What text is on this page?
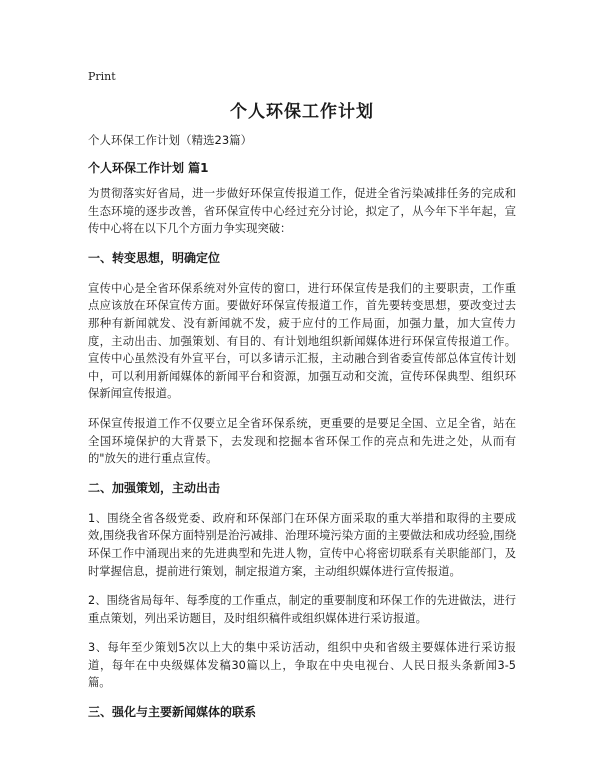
Print
个人环保工作计划

个人环保工作计划（精选23篇）

个人环保工作计划 篇1

为贯彻落实好省局，进一步做好环保宣传报道工作，促进全省污染减排任务的完成和生态环境的逐步改善，省环保宣传中心经过充分讨论，拟定了，从今年下半年起，宣传中心将在以下几个方面力争实现突破：

一、转变思想，明确定位

宣传中心是全省环保系统对外宣传的窗口，进行环保宣传是我们的主要职责，工作重点应该放在环保宣传方面。要做好环保宣传报道工作，首先要转变思想，要改变过去那种有新闻就发、没有新闻就不发，疲于应付的工作局面，加强力量，加大宣传力度，主动出击、加强策划、有目的、有计划地组织新闻媒体进行环保宣传报道工作。宣传中心虽然没有外宣平台，可以多请示汇报，主动融合到省委宣传部总体宣传计划中，可以利用新闻媒体的新闻平台和资源，加强互动和交流，宣传环保典型、组织环保新闻宣传报道。

环保宣传报道工作不仅要立足全省环保系统，更重要的是要足全国、立足全省，站在全国环境保护的大背景下，去发现和挖掘本省环保工作的亮点和先进之处，从而有的"放矢的进行重点宣传。

二、加强策划，主动出击

1、围绕全省各级党委、政府和环保部门在环保方面采取的重大举措和取得的主要成效,围绕我省环保方面特别是治污减排、治理环境污染方面的主要做法和成功经验,围绕环保工作中涌现出来的先进典型和先进人物，宣传中心将密切联系有关职能部门，及时掌握信息，提前进行策划，制定报道方案，主动组织媒体进行宣传报道。

2、围绕省局每年、每季度的工作重点，制定的重要制度和环保工作的先进做法，进行重点策划，列出采访题目，及时组织稿件或组织媒体进行采访报道。

3、每年至少策划5次以上大的集中采访活动，组织中央和省级主要媒体进行采访报道，每年在中央级媒体发稿30篇以上，争取在中央电视台、人民日报头条新闻3-5篇。

三、强化与主要新闻媒体的联系
